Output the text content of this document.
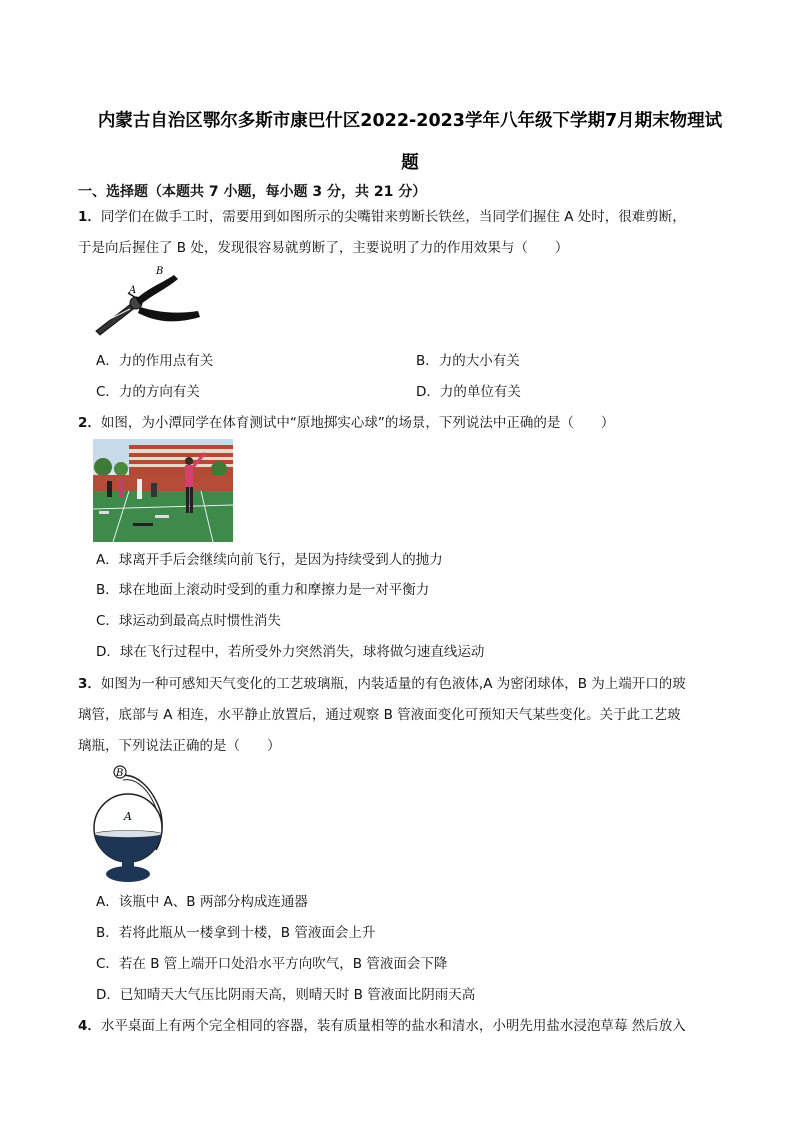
内蒙古自治区鄂尔多斯市康巴什区2022-2023学年八年级下学期7月期末物理试
题
一、选择题（本题共 7 小题，每小题 3 分，共 21 分）
1．同学们在做手工时，需要用到如图所示的尖嘴钳来剪断长铁丝，当同学们握住 A 处时，很难剪断，
于是向后握住了 B 处，发现很容易就剪断了，主要说明了力的作用效果与（　　）
A
B
A．力的作用点有关	B．力的大小有关
C．力的方向有关	D．力的单位有关
2．如图，为小潭同学在体育测试中“原地掷实心球”的场景，下列说法中正确的是（　　）
A．球离开手后会继续向前飞行，是因为持续受到人的抛力
B．球在地面上滚动时受到的重力和摩擦力是一对平衡力
C．球运动到最高点时惯性消失
D．球在飞行过程中，若所受外力突然消失，球将做匀速直线运动
3．如图为一种可感知天气变化的工艺玻璃瓶，内装适量的有色液体,A 为密闭球体，B 为上端开口的玻
璃管，底部与 A 相连，水平静止放置后，通过观察 B 管液面变化可预知天气某些变化。关于此工艺玻
璃瓶，下列说法正确的是（　　）
B
A
A．该瓶中 A、B 两部分构成连通器
B．若将此瓶从一楼拿到十楼，B 管液面会上升
C．若在 B 管上端开口处沿水平方向吹气，B 管液面会下降
D．已知晴天大气压比阴雨天高，则晴天时 B 管液面比阴雨天高
4．水平桌面上有两个完全相同的容器，装有质量相等的盐水和清水，小明先用盐水浸泡草莓 然后放入
